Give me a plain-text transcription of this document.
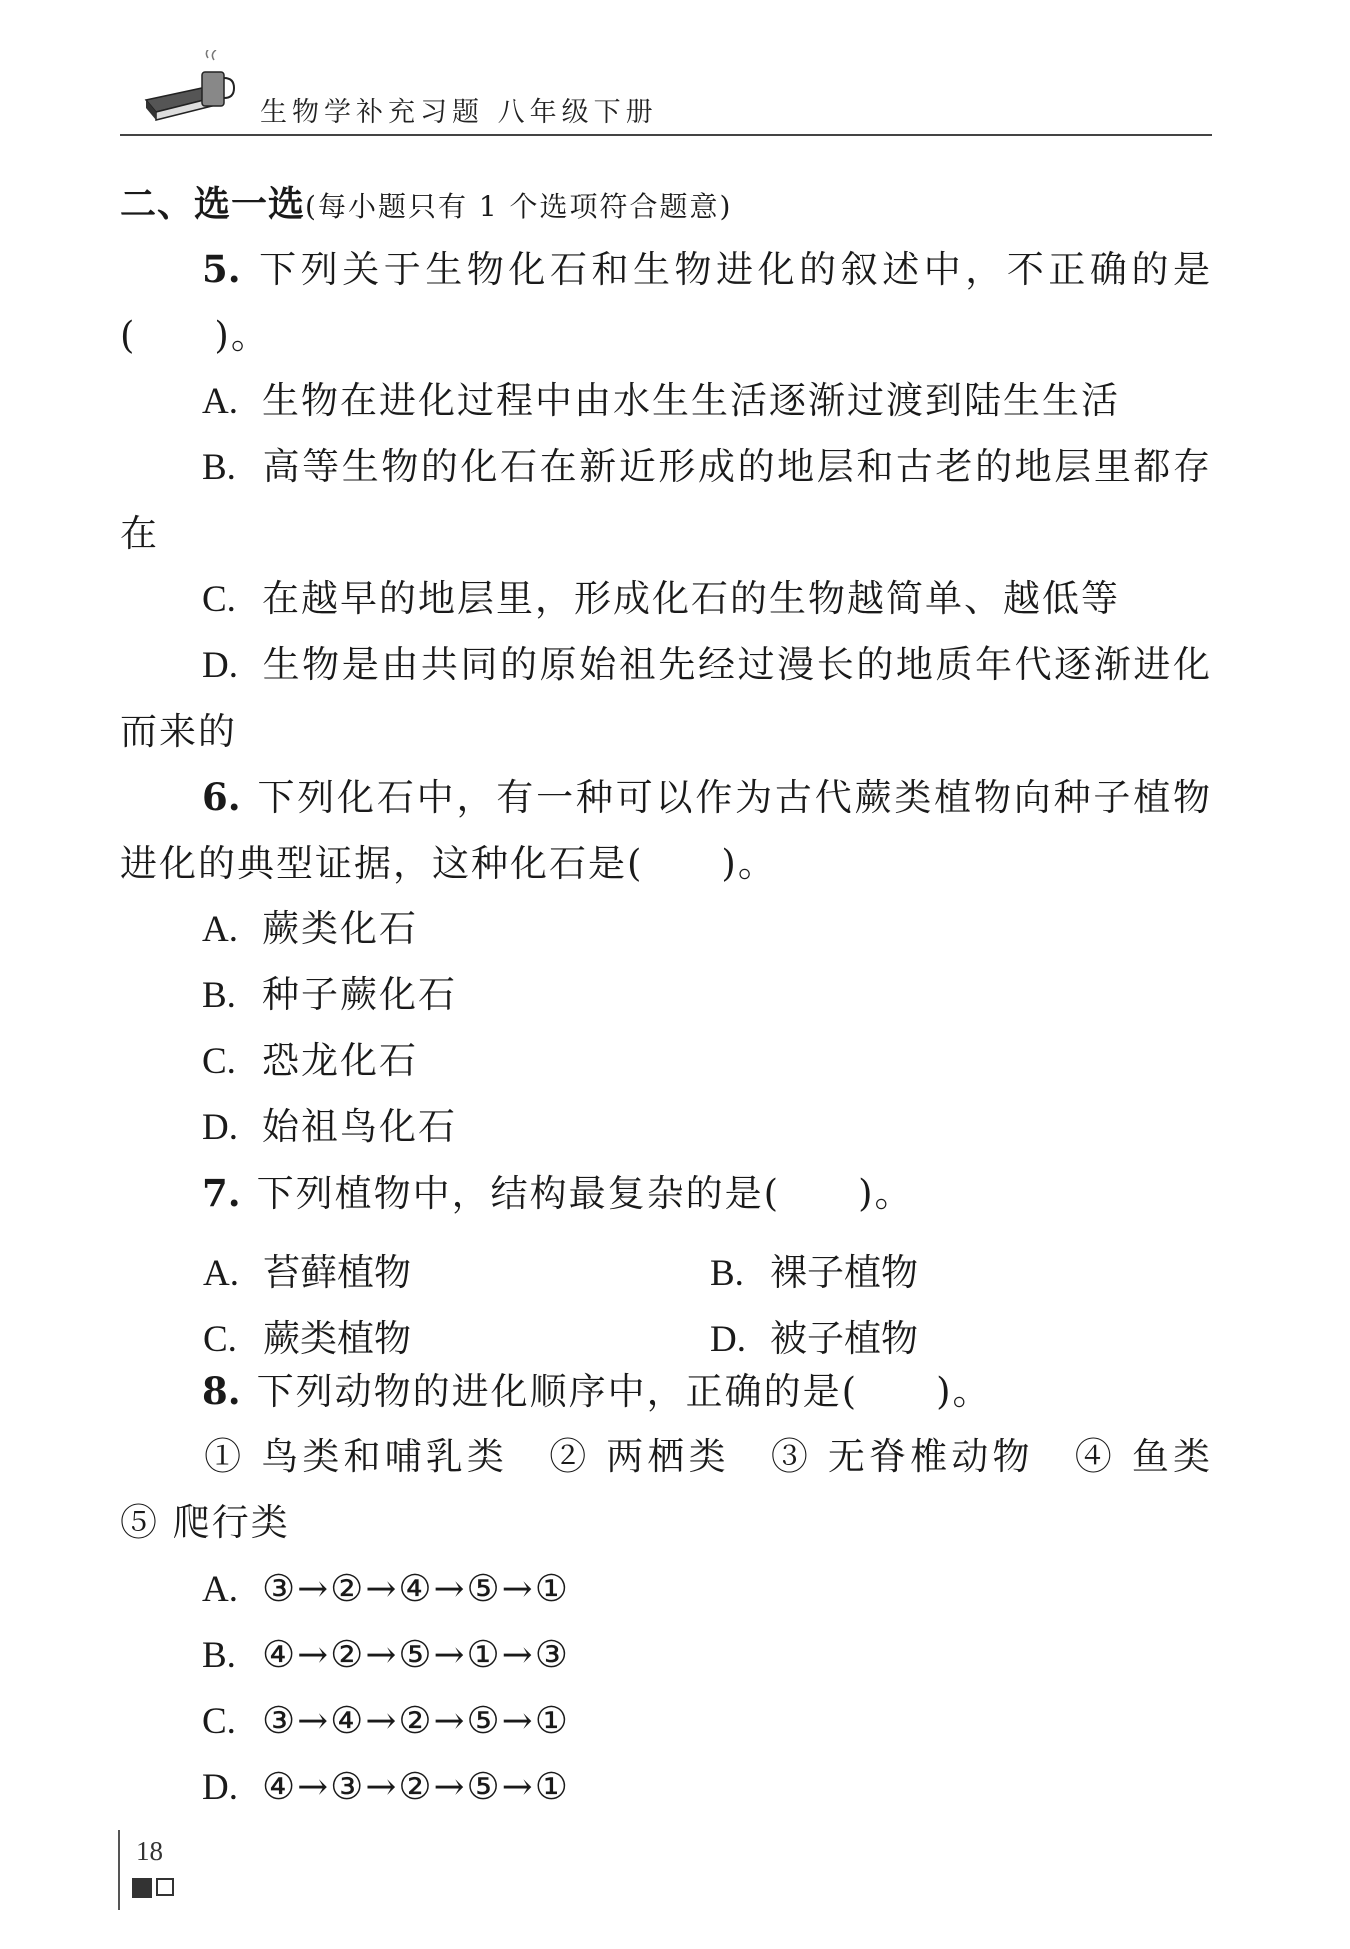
生物学补充习题 八年级下册
二、选一选(每小题只有 1 个选项符合题意)
5. 下列关于生物化石和生物进化的叙述中，不正确的是(　　)。
A. 生物在进化过程中由水生生活逐渐过渡到陆生生活
B. 高等生物的化石在新近形成的地层和古老的地层里都存在
C. 在越早的地层里，形成化石的生物越简单、越低等
D. 生物是由共同的原始祖先经过漫长的地质年代逐渐进化而来的
6. 下列化石中，有一种可以作为古代蕨类植物向种子植物进化的典型证据，这种化石是(　　)。
A. 蕨类化石
B. 种子蕨化石
C. 恐龙化石
D. 始祖鸟化石
7. 下列植物中，结构最复杂的是(　　)。
A. 苔藓植物	B. 裸子植物
C. 蕨类植物	D. 被子植物
8. 下列动物的进化顺序中，正确的是(　　)。
① 鸟类和哺乳类　② 两栖类　③ 无脊椎动物　④ 鱼类　⑤ 爬行类
A. ③→②→④→⑤→①
B. ④→②→⑤→①→③
C. ③→④→②→⑤→①
D. ④→③→②→⑤→①
18
